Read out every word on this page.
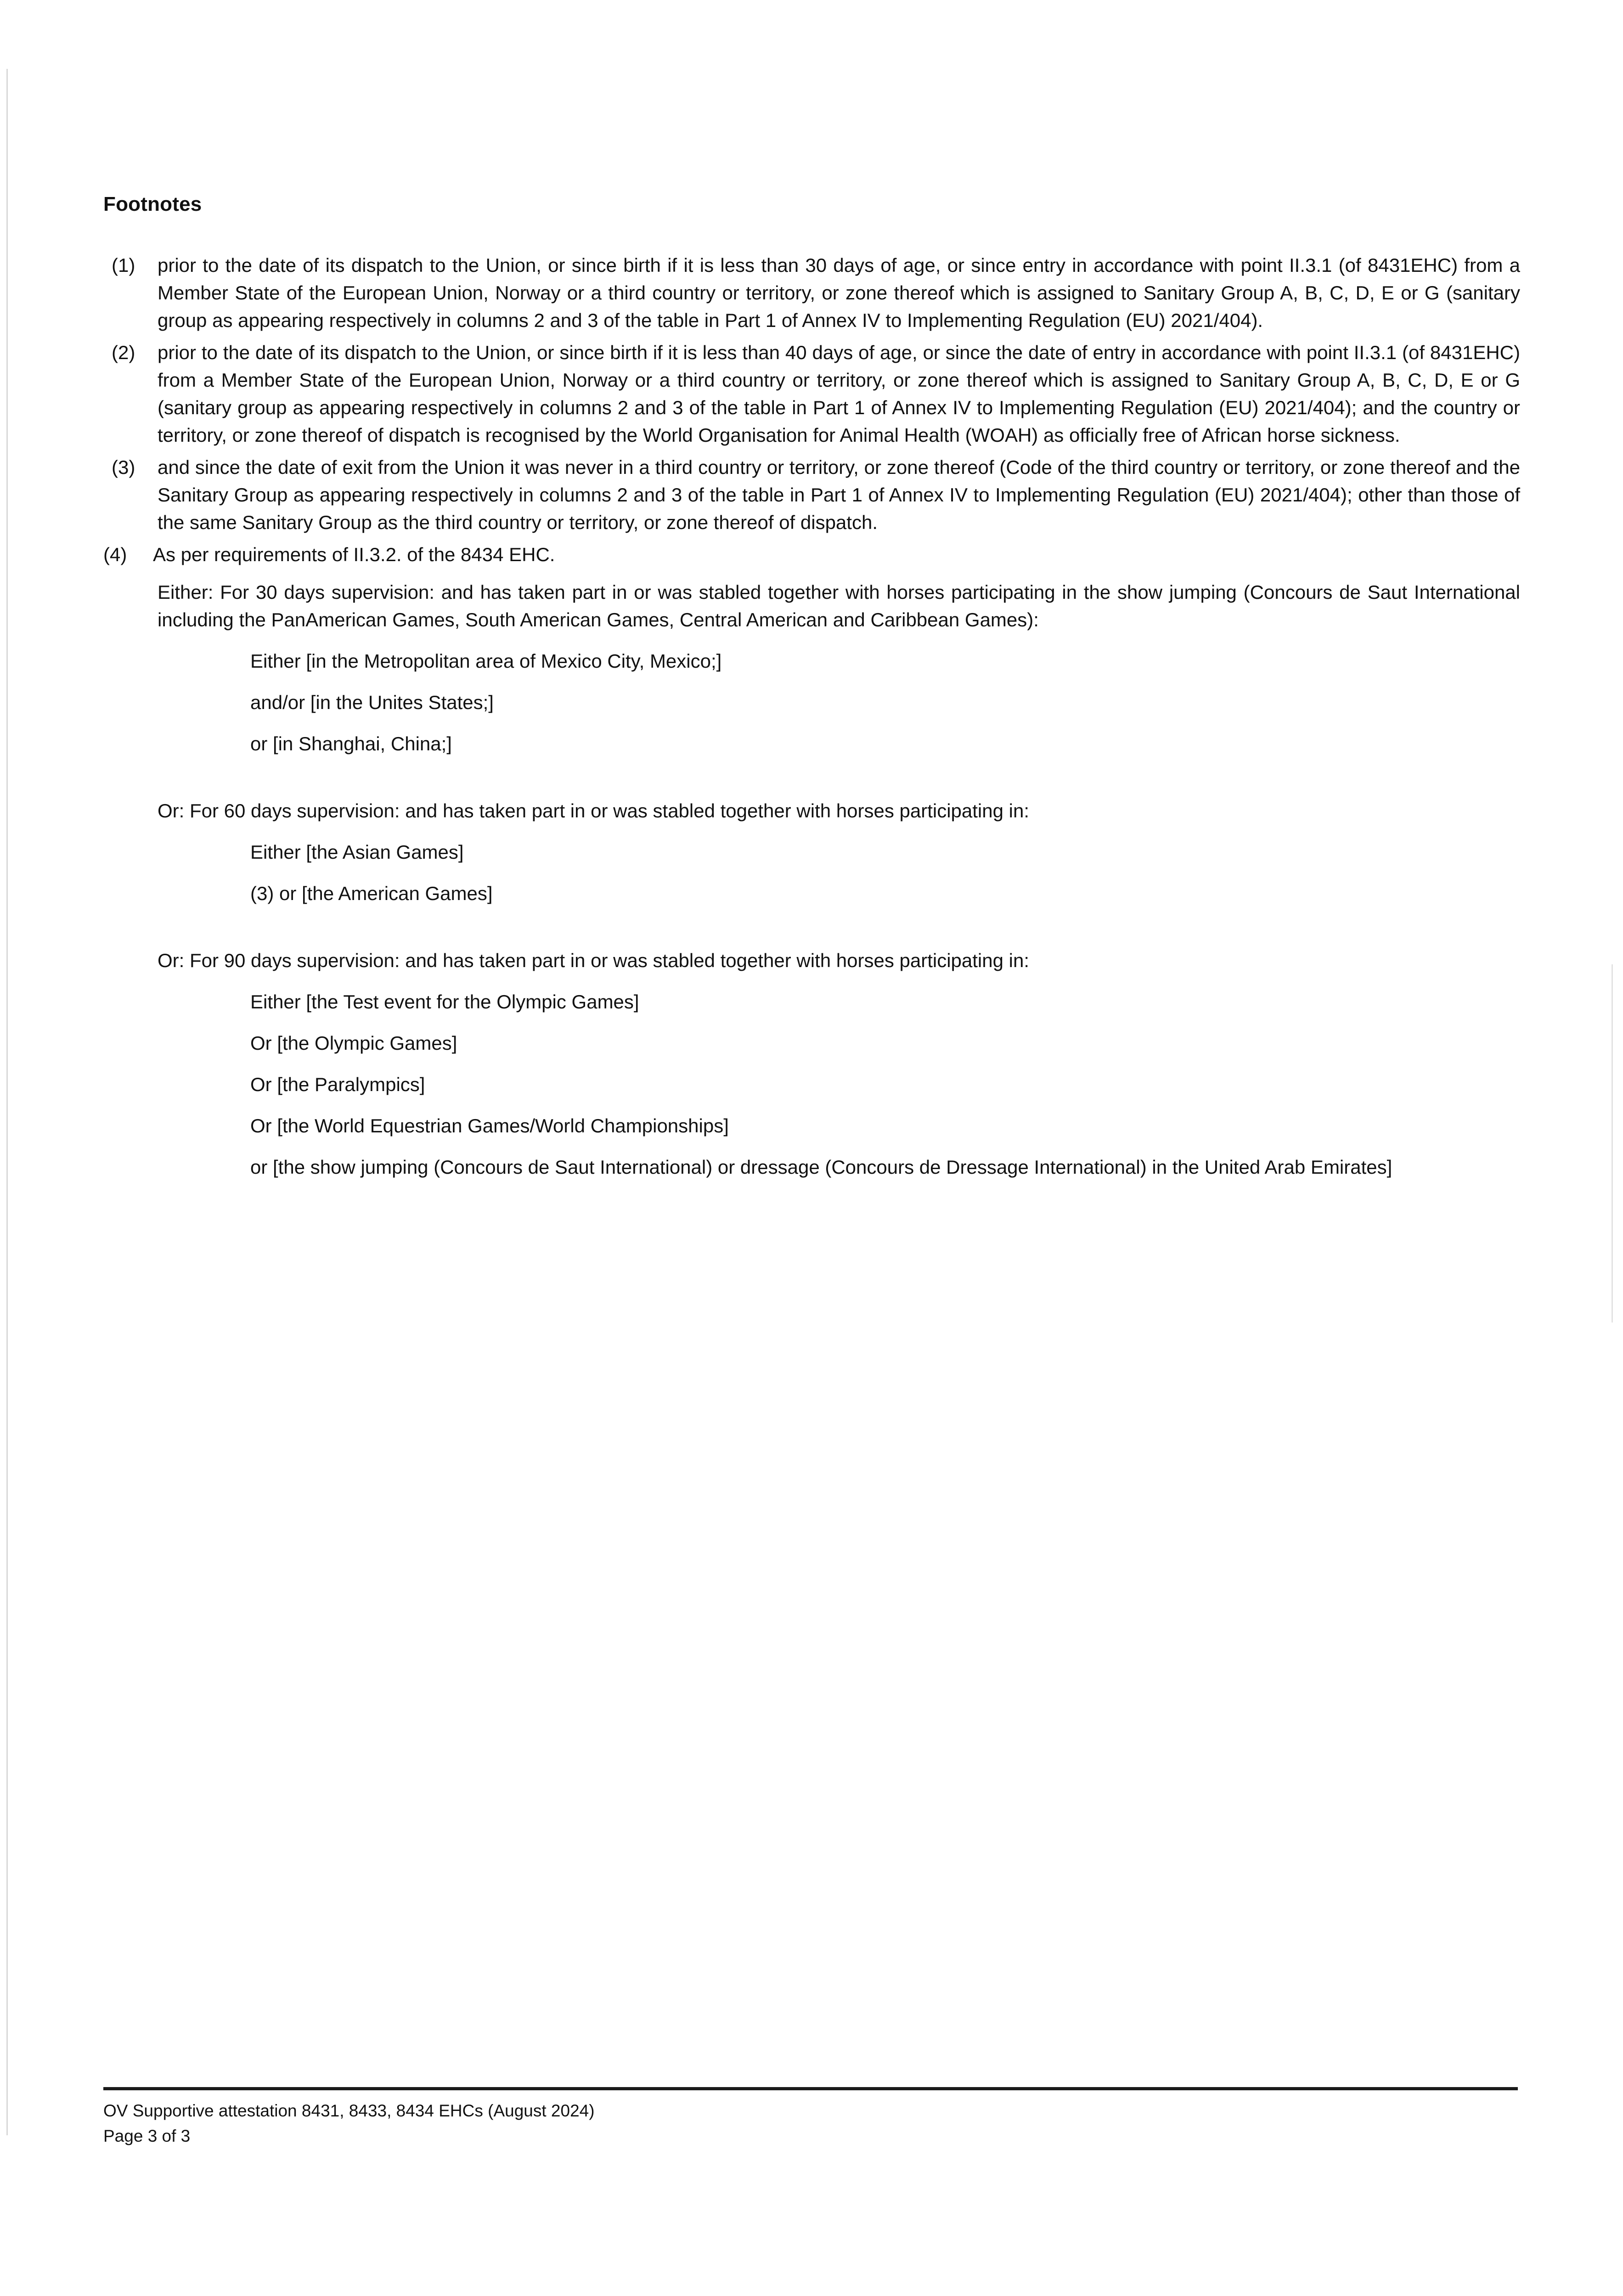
Footnotes
(1)	prior to the date of its dispatch to the Union, or since birth if it is less than 30 days of age, or since entry in accordance with point II.3.1 (of 8431EHC) from a Member State of the European Union, Norway or a third country or territory, or zone thereof which is assigned to Sanitary Group A, B, C, D, E or G (sanitary group as appearing respectively in columns 2 and 3 of the table in Part 1 of Annex IV to Implementing Regulation (EU) 2021/404).
(2)	prior to the date of its dispatch to the Union, or since birth if it is less than 40 days of age, or since the date of entry in accordance with point II.3.1 (of 8431EHC) from a Member State of the European Union, Norway or a third country or territory, or zone thereof which is assigned to Sanitary Group A, B, C, D, E or G (sanitary group as appearing respectively in columns 2 and 3 of the table in Part 1 of Annex IV to Implementing Regulation (EU) 2021/404); and the country or territory, or zone thereof of dispatch is recognised by the World Organisation for Animal Health (WOAH) as officially free of African horse sickness.
(3)	and since the date of exit from the Union it was never in a third country or territory, or zone thereof (Code of the third country or territory, or zone thereof and the Sanitary Group as appearing respectively in columns 2 and 3 of the table in Part 1 of Annex IV to Implementing Regulation (EU) 2021/404); other than those of the same Sanitary Group as the third country or territory, or zone thereof of dispatch.
(4)	As per requirements of II.3.2. of the 8434 EHC.
Either: For 30 days supervision: and has taken part in or was stabled together with horses participating in the show jumping (Concours de Saut International including the PanAmerican Games, South American Games, Central American and Caribbean Games):
Either [in the Metropolitan area of Mexico City, Mexico;]
and/or [in the Unites States;]
or [in Shanghai, China;]
Or: For 60 days supervision: and has taken part in or was stabled together with horses participating in:
Either [the Asian Games]
(3) or [the American Games]
Or: For 90 days supervision: and has taken part in or was stabled together with horses participating in:
Either [the Test event for the Olympic Games]
Or [the Olympic Games]
Or [the Paralympics]
Or [the World Equestrian Games/World Championships]
or [the show jumping (Concours de Saut International) or dressage (Concours de Dressage International) in the United Arab Emirates]
OV Supportive attestation 8431, 8433, 8434 EHCs (August 2024)
Page 3 of 3
